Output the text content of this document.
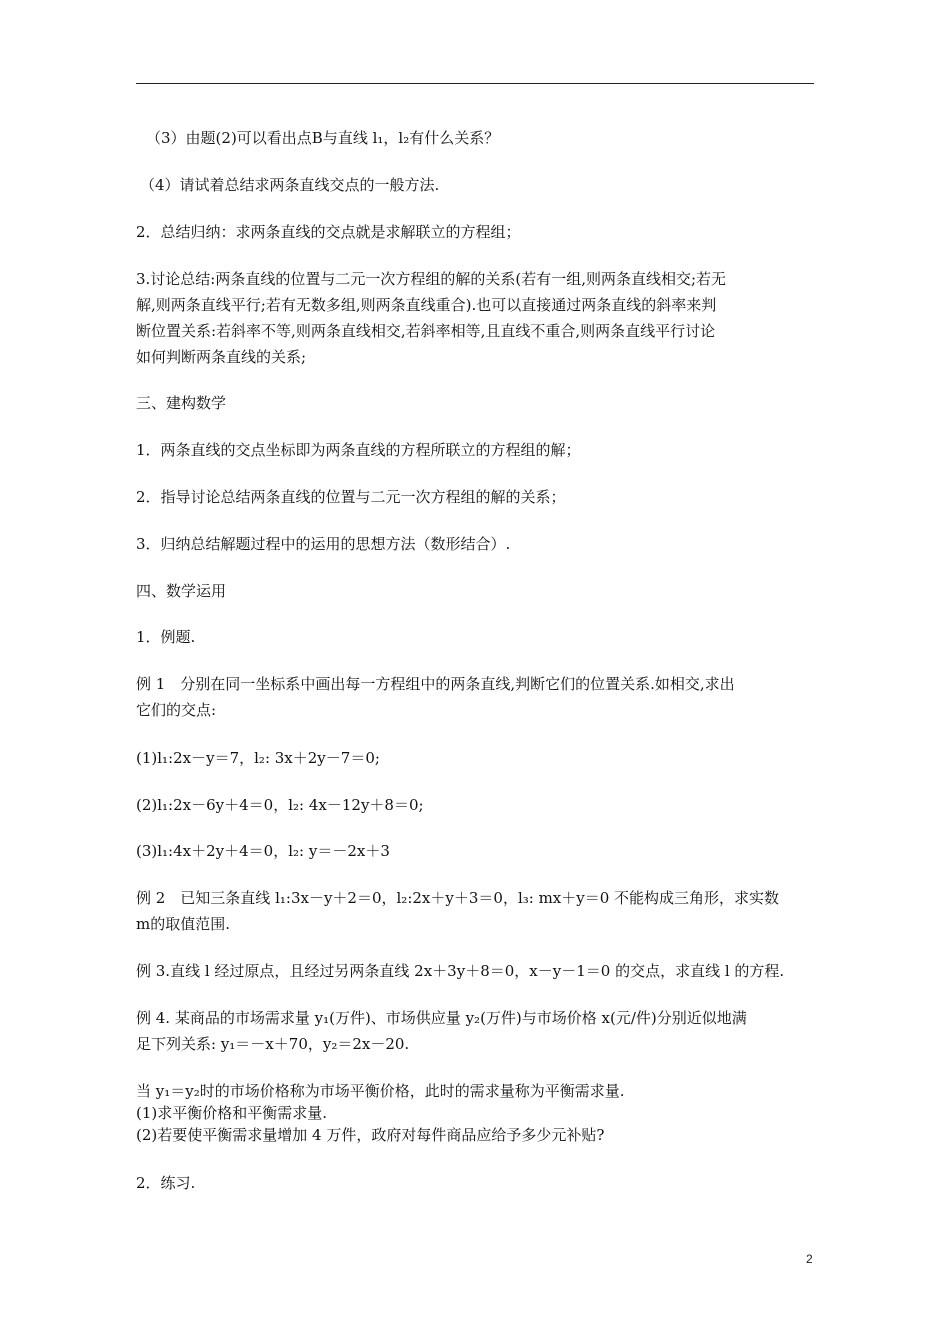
（3）由题(2)可以看出点B与直线 l₁，l₂有什么关系？
（4）请试着总结求两条直线交点的一般方法.
2．总结归纳：求两条直线的交点就是求解联立的方程组；
3.讨论总结:两条直线的位置与二元一次方程组的解的关系(若有一组,则两条直线相交;若无
解,则两条直线平行;若有无数多组,则两条直线重合).也可以直接通过两条直线的斜率来判
断位置关系:若斜率不等,则两条直线相交,若斜率相等,且直线不重合,则两条直线平行讨论
如何判断两条直线的关系;
三、建构数学
1．两条直线的交点坐标即为两条直线的方程所联立的方程组的解；
2．指导讨论总结两条直线的位置与二元一次方程组的解的关系；
3．归纳总结解题过程中的运用的思想方法（数形结合）.
四、数学运用
1．例题.
例 1　分别在同一坐标系中画出每一方程组中的两条直线,判断它们的位置关系.如相交,求出
它们的交点:
(1)l₁:2x－y＝7，l₂: 3x＋2y－7＝0;
(2)l₁:2x－6y＋4＝0，l₂: 4x－12y＋8＝0;
(3)l₁:4x＋2y＋4＝0，l₂: y＝－2x＋3
例 2　已知三条直线 l₁:3x－y＋2＝0，l₂:2x＋y＋3＝0，l₃: mx＋y＝0 不能构成三角形，求实数
m的取值范围.
例 3.直线 l 经过原点，且经过另两条直线 2x＋3y＋8＝0，x－y－1＝0 的交点，求直线 l 的方程.
例 4. 某商品的市场需求量 y₁(万件)、市场供应量 y₂(万件)与市场价格 x(元/件)分别近似地满
足下列关系: y₁＝－x＋70，y₂＝2x－20.
当 y₁＝y₂时的市场价格称为市场平衡价格，此时的需求量称为平衡需求量.
(1)求平衡价格和平衡需求量.
(2)若要使平衡需求量增加 4 万件，政府对每件商品应给予多少元补贴?
2．练习.
2
